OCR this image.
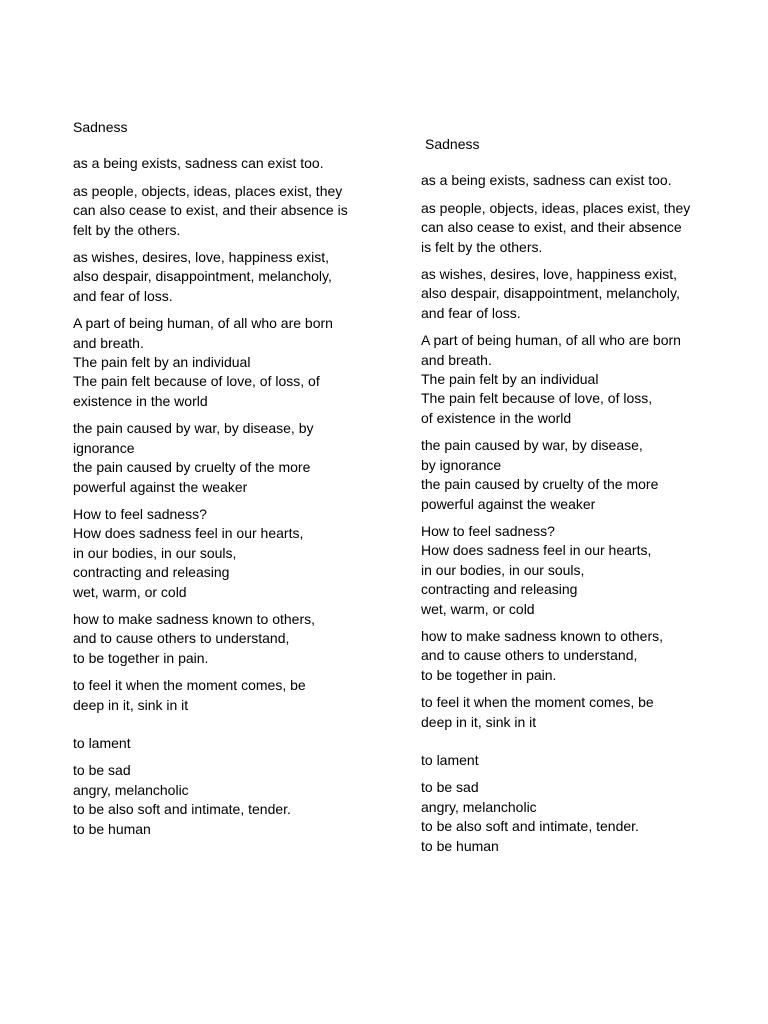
Sadness
as a being exists, sadness can exist too.
as people, objects, ideas, places exist, they
can also cease to exist, and their absence is
felt by the others.
as wishes, desires, love, happiness exist,
also despair, disappointment, melancholy,
and fear of loss.
A part of being human, of all who are born
and breath.
The pain felt by an individual
The pain felt because of love, of loss, of
existence in the world
the pain caused by war, by disease, by
ignorance
the pain caused by cruelty of the more
powerful against the weaker
How to feel sadness?
How does sadness feel in our hearts,
in our bodies, in our souls,
contracting and releasing
wet, warm, or cold
how to make sadness known to others,
and to cause others to understand,
to be together in pain.
to feel it when the moment comes, be
deep in it, sink in it
to lament
to be sad
angry, melancholic
to be also soft and intimate, tender.
to be human
Sadness
as a being exists, sadness can exist too.
as people, objects, ideas, places exist, they
can also cease to exist, and their absence
is felt by the others.
as wishes, desires, love, happiness exist,
also despair, disappointment, melancholy,
and fear of loss.
A part of being human, of all who are born
and breath.
The pain felt by an individual
The pain felt because of love, of loss,
of existence in the world
the pain caused by war, by disease,
by ignorance
the pain caused by cruelty of the more
powerful against the weaker
How to feel sadness?
How does sadness feel in our hearts,
in our bodies, in our souls,
contracting and releasing
wet, warm, or cold
how to make sadness known to others,
and to cause others to understand,
to be together in pain.
to feel it when the moment comes, be
deep in it, sink in it
to lament
to be sad
angry, melancholic
to be also soft and intimate, tender.
to be human
